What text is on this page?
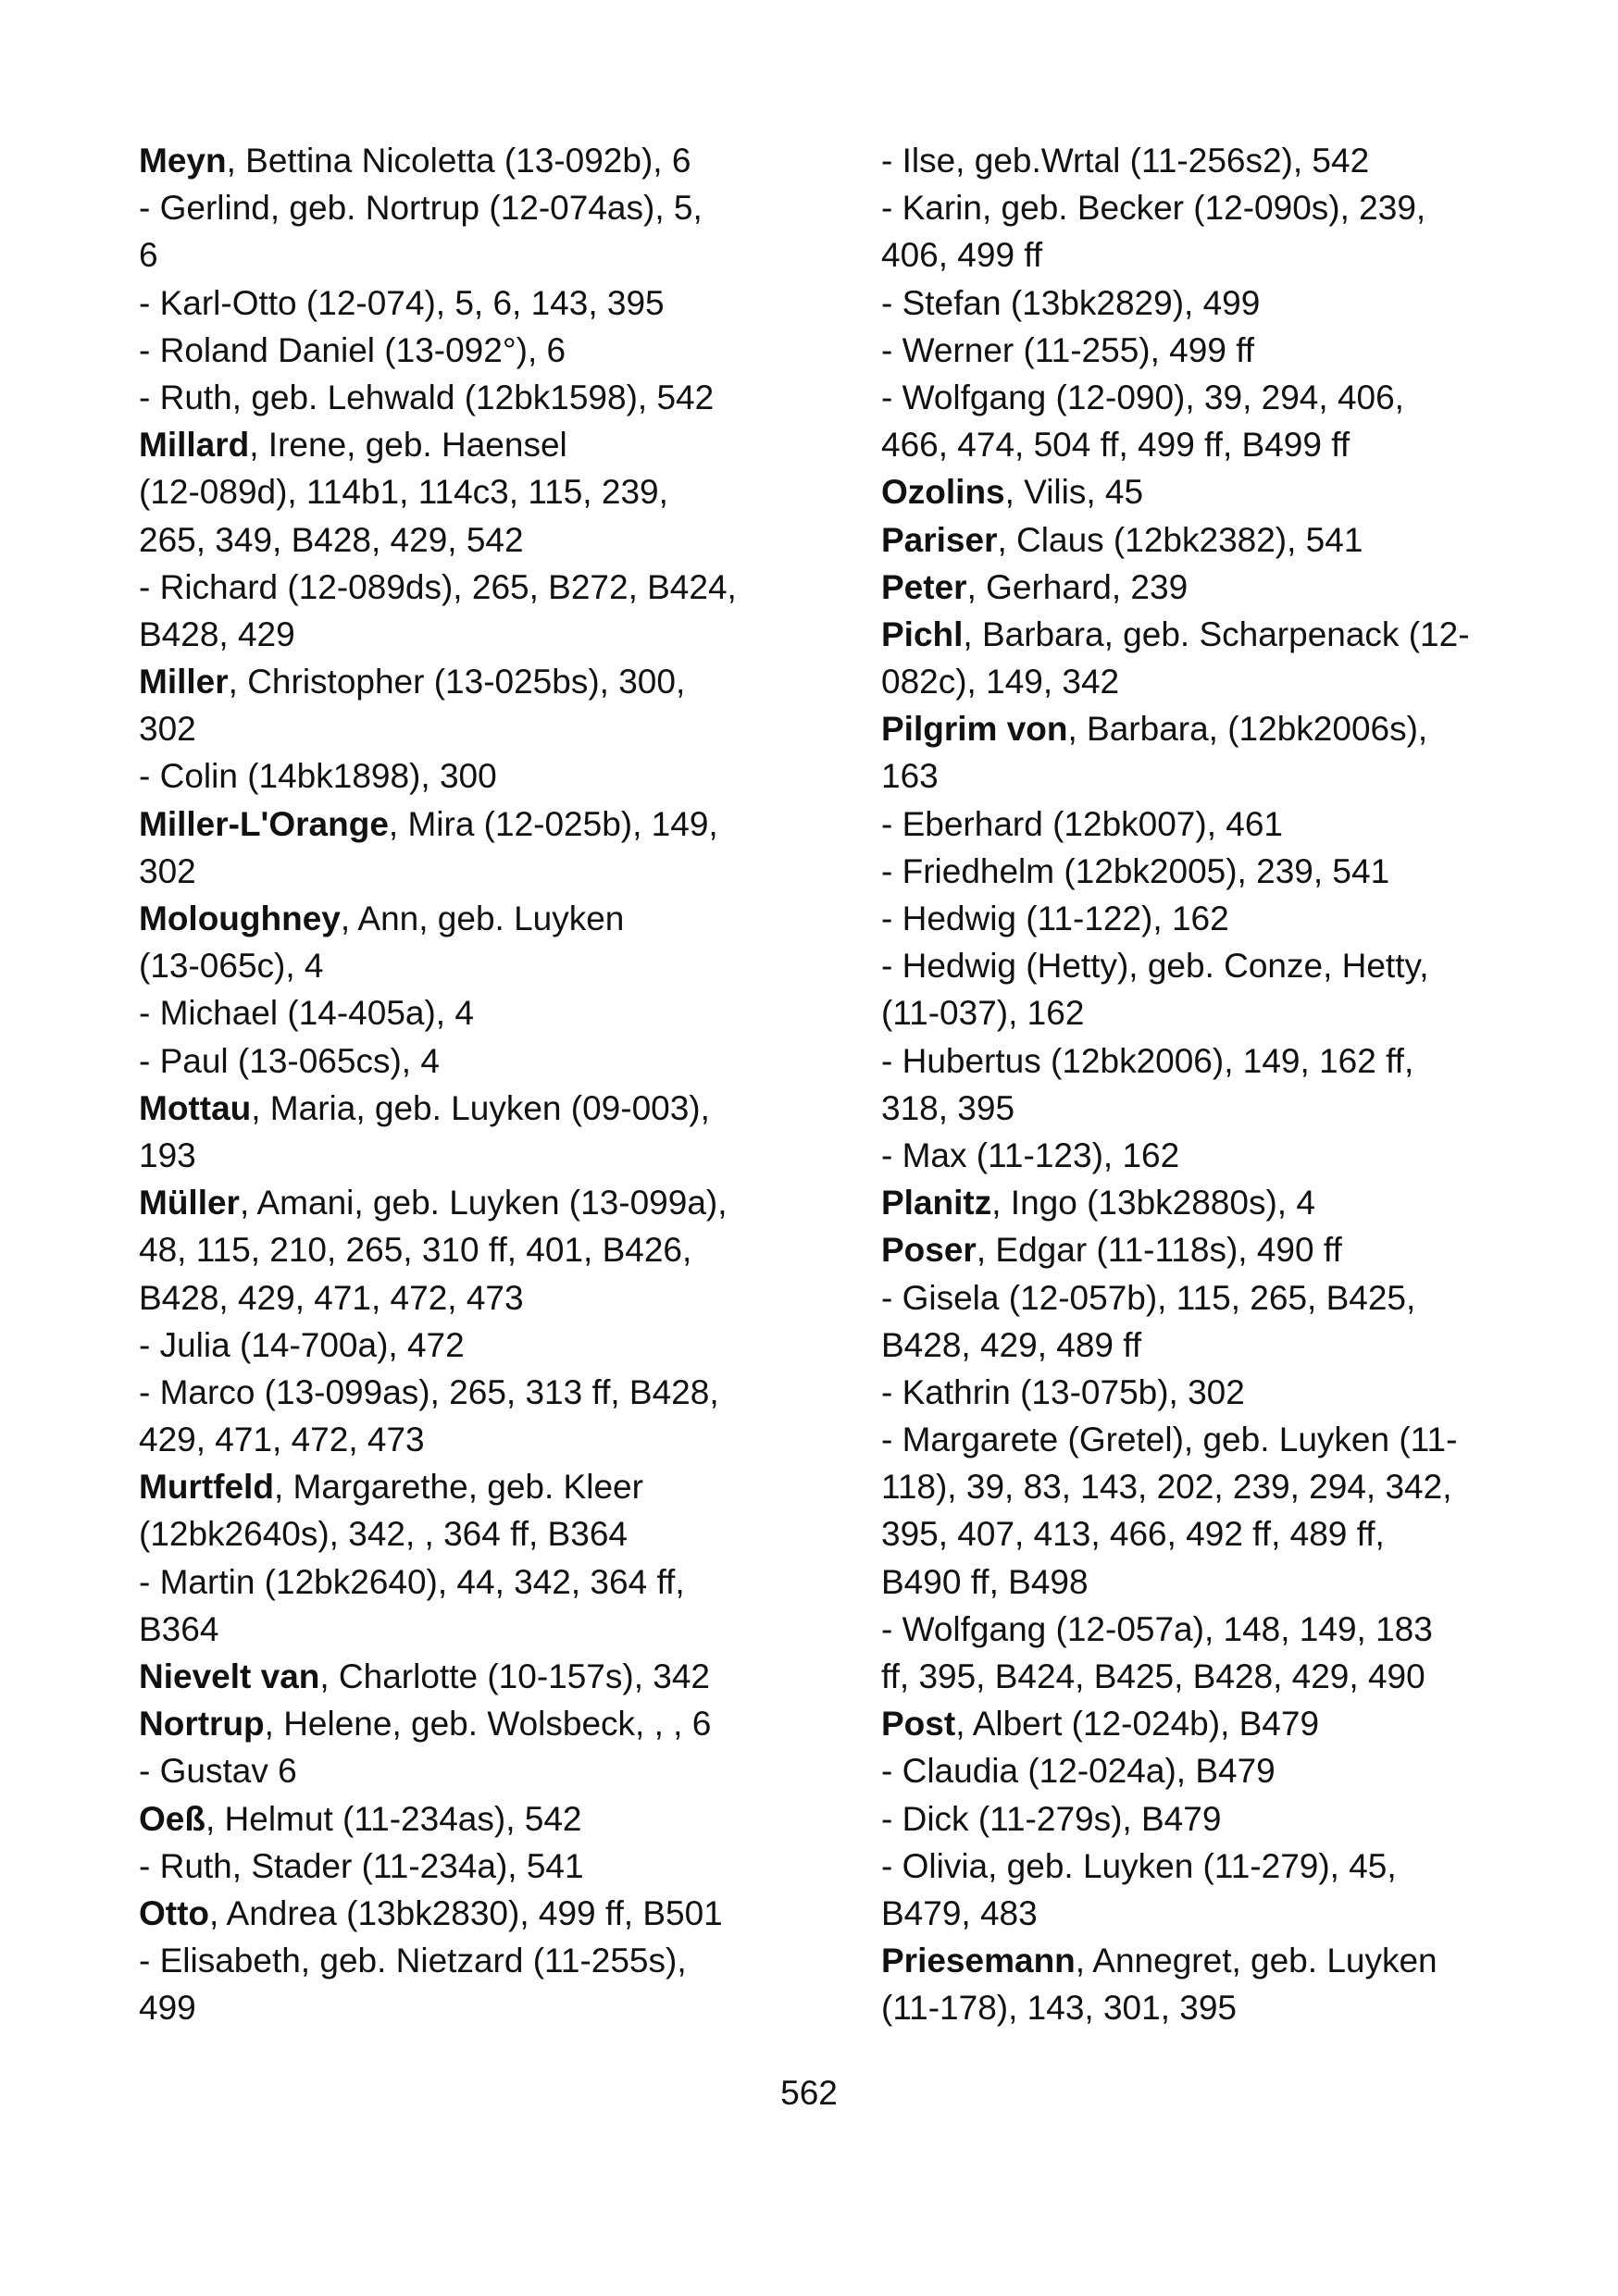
Meyn, Bettina Nicoletta (13-092b), 6
- Gerlind, geb. Nortrup (12-074as), 5,
6
- Karl-Otto (12-074), 5, 6, 143, 395
- Roland Daniel (13-092°), 6
- Ruth, geb. Lehwald (12bk1598), 542
Millard, Irene, geb. Haensel
(12-089d), 114b1, 114c3, 115, 239,
265, 349, B428, 429, 542
- Richard (12-089ds), 265, B272, B424,
B428, 429
Miller, Christopher (13-025bs), 300,
302
- Colin (14bk1898), 300
Miller-L'Orange, Mira (12-025b), 149,
302
Moloughney, Ann, geb. Luyken
(13-065c), 4
- Michael (14-405a), 4
- Paul (13-065cs), 4
Mottau, Maria, geb. Luyken (09-003),
193
Müller, Amani, geb. Luyken (13-099a),
48, 115, 210, 265, 310 ff, 401, B426,
B428, 429, 471, 472, 473
- Julia (14-700a), 472
- Marco (13-099as), 265, 313 ff, B428,
429, 471, 472, 473
Murtfeld, Margarethe, geb. Kleer
(12bk2640s), 342, , 364 ff, B364
- Martin (12bk2640), 44, 342, 364 ff,
B364
Nievelt van, Charlotte (10-157s), 342
Nortrup, Helene, geb. Wolsbeck, , , 6
- Gustav 6
Oeß, Helmut (11-234as), 542
- Ruth, Stader (11-234a), 541
Otto, Andrea (13bk2830), 499 ff, B501
- Elisabeth, geb. Nietzard (11-255s),
499
- Ilse, geb.Wrtal (11-256s2), 542
- Karin, geb. Becker (12-090s), 239,
406, 499 ff
- Stefan (13bk2829), 499
- Werner (11-255), 499 ff
- Wolfgang (12-090), 39, 294, 406,
466, 474, 504 ff, 499 ff, B499 ff
Ozolins, Vilis, 45
Pariser, Claus (12bk2382), 541
Peter, Gerhard, 239
Pichl, Barbara, geb. Scharpenack (12-
082c), 149, 342
Pilgrim von, Barbara, (12bk2006s),
163
- Eberhard (12bk007), 461
- Friedhelm (12bk2005), 239, 541
- Hedwig (11-122), 162
- Hedwig (Hetty), geb. Conze, Hetty,
(11-037), 162
- Hubertus (12bk2006), 149, 162 ff,
318, 395
- Max (11-123), 162
Planitz, Ingo (13bk2880s), 4
Poser, Edgar (11-118s), 490 ff
- Gisela (12-057b), 115, 265, B425,
B428, 429, 489 ff
- Kathrin (13-075b), 302
- Margarete (Gretel), geb. Luyken (11-
118), 39, 83, 143, 202, 239, 294, 342,
395, 407, 413, 466, 492 ff, 489 ff,
B490 ff, B498
- Wolfgang (12-057a), 148, 149, 183
ff, 395, B424, B425, B428, 429, 490
Post, Albert (12-024b), B479
- Claudia (12-024a), B479
- Dick (11-279s), B479
- Olivia, geb. Luyken (11-279), 45,
B479, 483
Priesemann, Annegret, geb. Luyken
(11-178), 143, 301, 395
562
